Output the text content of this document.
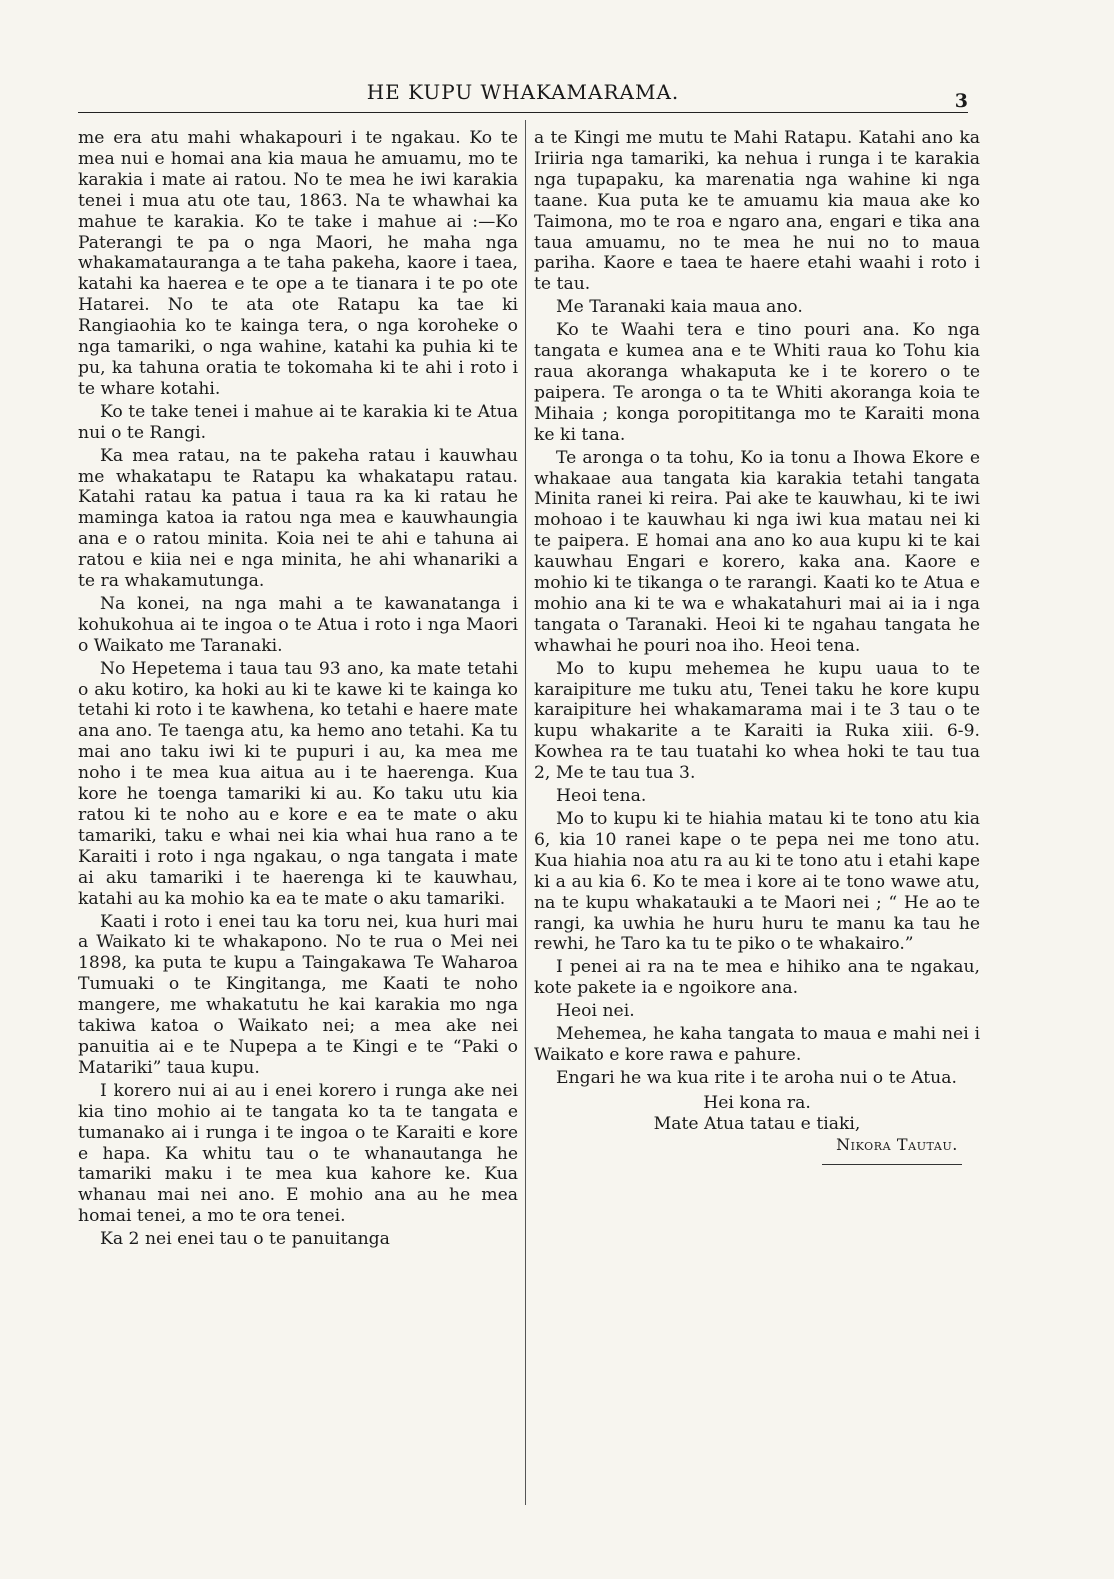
HE KUPU WHAKAMARAMA.	3

me era atu mahi whakapouri i te ngakau. Ko te mea nui e homai ana kia maua he amuamu, mo te karakia i mate ai ratou. No te mea he iwi karakia tenei i mua atu ote tau, 1863. Na te whawhai ka mahue te karakia. Ko te take i mahue ai :—Ko Paterangi te pa o nga Maori, he maha nga whakamatauranga a te taha pakeha, kaore i taea, katahi ka haerea e te ope a te tianara i te po ote Hatarei. No te ata ote Ratapu ka tae ki Rangiaohia ko te kainga tera, o nga koroheke o nga tamariki, o nga wahine, katahi ka puhia ki te pu, ka tahuna oratia te tokomaha ki te ahi i roto i te whare kotahi.

Ko te take tenei i mahue ai te karakia ki te Atua nui o te Rangi.

Ka mea ratau, na te pakeha ratau i kauwhau me whakatapu te Ratapu ka whakatapu ratau. Katahi ratau ka patua i taua ra ka ki ratau he maminga katoa ia ratou nga mea e kauwhaungia ana e o ratou minita. Koia nei te ahi e tahuna ai ratou e kiia nei e nga minita, he ahi whanariki a te ra whakamutunga.

Na konei, na nga mahi a te kawanatanga i kohukohua ai te ingoa o te Atua i roto i nga Maori o Waikato me Taranaki.

No Hepetema i taua tau 93 ano, ka mate tetahi o aku kotiro, ka hoki au ki te kawe ki te kainga ko tetahi ki roto i te kawhena, ko tetahi e haere mate ana ano. Te taenga atu, ka hemo ano tetahi. Ka tu mai ano taku iwi ki te pupuri i au, ka mea me noho i te mea kua aitua au i te haerenga. Kua kore he toenga tamariki ki au. Ko taku utu kia ratou ki te noho au e kore e ea te mate o aku tamariki, taku e whai nei kia whai hua rano a te Karaiti i roto i nga ngakau, o nga tangata i mate ai aku tamariki i te haerenga ki te kauwhau, katahi au ka mohio ka ea te mate o aku tamariki.

Kaati i roto i enei tau ka toru nei, kua huri mai a Waikato ki te whakapono. No te rua o Mei nei 1898, ka puta te kupu a Taingakawa Te Waharoa Tumuaki o te Kingitanga, me Kaati te noho mangere, me whakatutu he kai karakia mo nga takiwa katoa o Waikato nei; a mea ake nei panuitia ai e te Nupepa a te Kingi e te “Paki o Matariki” taua kupu.

I korero nui ai au i enei korero i runga ake nei kia tino mohio ai te tangata ko ta te tangata e tumanako ai i runga i te ingoa o te Karaiti e kore e hapa. Ka whitu tau o te whanautanga he tamariki maku i te mea kua kahore ke. Kua whanau mai nei ano. E mohio ana au he mea homai tenei, a mo te ora tenei.

Ka 2 nei enei tau o te panuitanga

a te Kingi me mutu te Mahi Ratapu. Katahi ano ka Iriiria nga tamariki, ka nehua i runga i te karakia nga tupapaku, ka marenatia nga wahine ki nga taane. Kua puta ke te amuamu kia maua ake ko Taimona, mo te roa e ngaro ana, engari e tika ana taua amuamu, no te mea he nui no to maua pariha. Kaore e taea te haere etahi waahi i roto i te tau.

Me Taranaki kaia maua ano.

Ko te Waahi tera e tino pouri ana. Ko nga tangata e kumea ana e te Whiti raua ko Tohu kia raua akoranga whakaputa ke i te korero o te paipera. Te aronga o ta te Whiti akoranga koia te Mihaia ; konga poropititanga mo te Karaiti mona ke ki tana.

Te aronga o ta tohu, Ko ia tonu a Ihowa Ekore e whakaae aua tangata kia karakia tetahi tangata Minita ranei ki reira. Pai ake te kauwhau, ki te iwi mohoao i te kauwhau ki nga iwi kua matau nei ki te paipera. E homai ana ano ko aua kupu ki te kai kauwhau Engari e korero, kaka ana. Kaore e mohio ki te tikanga o te rarangi. Kaati ko te Atua e mohio ana ki te wa e whakatahuri mai ai ia i nga tangata o Taranaki. Heoi ki te ngahau tangata he whawhai he pouri noa iho. Heoi tena.

Mo to kupu mehemea he kupu uaua to te karaipiture me tuku atu, Tenei taku he kore kupu karaipiture hei whakamarama mai i te 3 tau o te kupu whakarite a te Karaiti ia Ruka xiii. 6-9. Kowhea ra te tau tuatahi ko whea hoki te tau tua 2, Me te tau tua 3.

Heoi tena.

Mo to kupu ki te hiahia matau ki te tono atu kia 6, kia 10 ranei kape o te pepa nei me tono atu. Kua hiahia noa atu ra au ki te tono atu i etahi kape ki a au kia 6. Ko te mea i kore ai te tono wawe atu, na te kupu whakatauki a te Maori nei ; “ He ao te rangi, ka uwhia he huru huru te manu ka tau he rewhi, he Taro ka tu te piko o te whakairo.”

I penei ai ra na te mea e hihiko ana te ngakau, kote pakete ia e ngoikore ana.

Heoi nei.

Mehemea, he kaha tangata to maua e mahi nei i Waikato e kore rawa e pahure.

Engari he wa kua rite i te aroha nui o te Atua.

Hei kona ra.
Mate Atua tatau e tiaki,
Nikora Tautau.
